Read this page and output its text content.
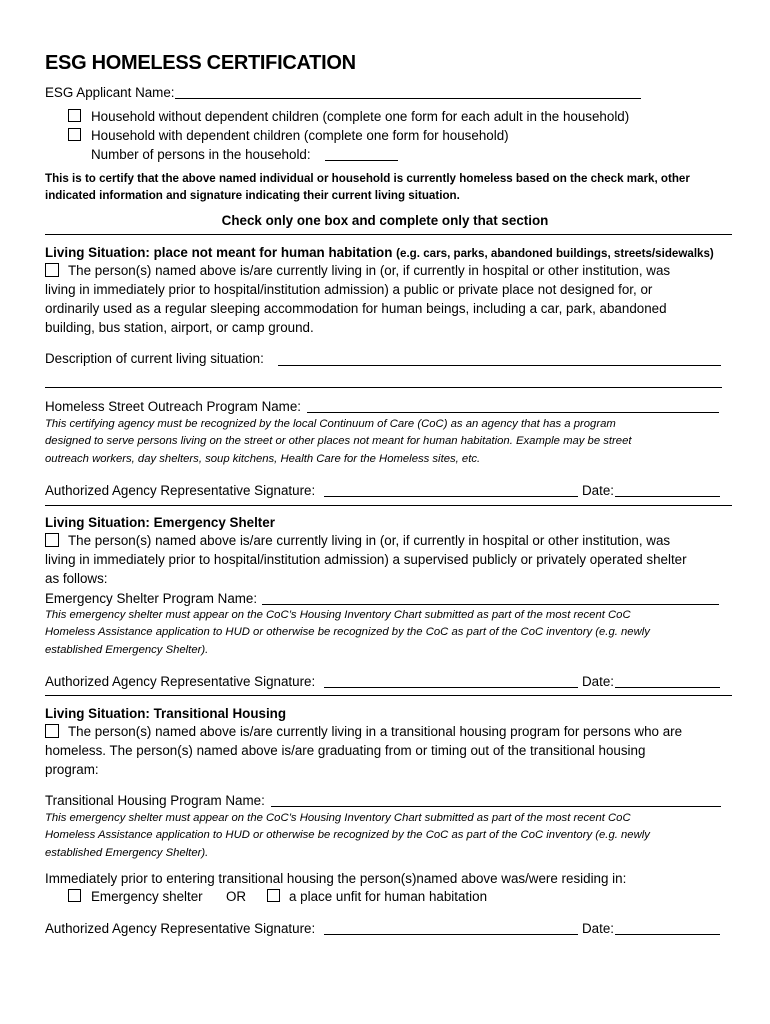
ESG HOMELESS CERTIFICATION
ESG Applicant Name:
Household without dependent children (complete one form for each adult in the household)
Household with dependent children (complete one form for household)
Number of persons in the household:
This is to certify that the above named individual or household is currently homeless based on the check mark, other
indicated information and signature indicating their current living situation.
Check only one box and complete only that section
Living Situation: place not meant for human habitation (e.g. cars, parks, abandoned buildings, streets/sidewalks)
The person(s) named above is/are currently living in (or, if currently in hospital or other institution, was
living in immediately prior to hospital/institution admission) a public or private place not designed for, or
ordinarily used as a regular sleeping accommodation for human beings, including a car, park, abandoned
building, bus station, airport, or camp ground.
Description of current living situation:
Homeless Street Outreach Program Name:
This certifying agency must be recognized by the local Continuum of Care (CoC) as an agency that has a program
designed to serve persons living on the street or other places not meant for human habitation. Example may be street
outreach workers, day shelters, soup kitchens, Health Care for the Homeless sites, etc.
Authorized Agency Representative Signature:	Date:
Living Situation: Emergency Shelter
The person(s) named above is/are currently living in (or, if currently in hospital or other institution, was
living in immediately prior to hospital/institution admission) a supervised publicly or privately operated shelter
as follows:
Emergency Shelter Program Name:
This emergency shelter must appear on the CoC’s Housing Inventory Chart submitted as part of the most recent CoC
Homeless Assistance application to HUD or otherwise be recognized by the CoC as part of the CoC inventory (e.g. newly
established Emergency Shelter).
Authorized Agency Representative Signature:	Date:
Living Situation: Transitional Housing
The person(s) named above is/are currently living in a transitional housing program for persons who are
homeless. The person(s) named above is/are graduating from or timing out of the transitional housing
program:
Transitional Housing Program Name:
This emergency shelter must appear on the CoC’s Housing Inventory Chart submitted as part of the most recent CoC
Homeless Assistance application to HUD or otherwise be recognized by the CoC as part of the CoC inventory (e.g. newly
established Emergency Shelter).
Immediately prior to entering transitional housing the person(s)named above was/were residing in:
Emergency shelter OR	a place unfit for human habitation
Authorized Agency Representative Signature:	Date:
